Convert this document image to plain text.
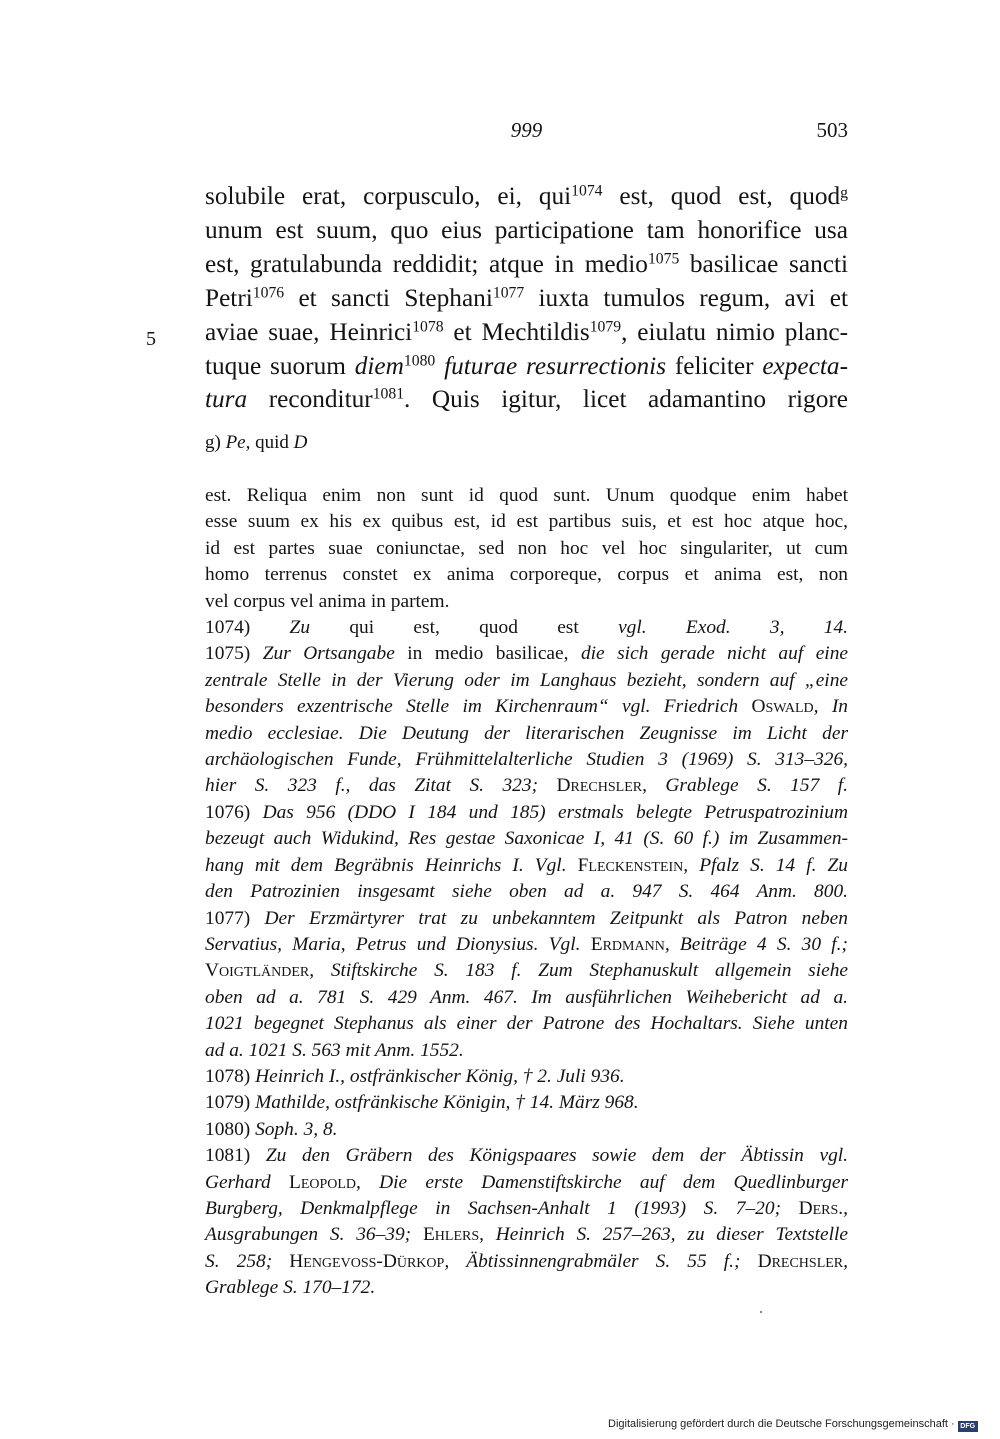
999	503
5
solubile erat, corpusculo, ei, qui$^{1074}$ est, quod est, quod$^g$
unum est suum, quo eius participatione tam honorifice usa
est, gratulabunda reddidit; atque in medio$^{1075}$ basilicae sancti
Petri$^{1076}$ et sancti Stephani$^{1077}$ iuxta tumulos regum, avi et
aviae suae, Heinrici$^{1078}$ et Mechtildis$^{1079}$, eiulatu nimio planc-
tuque suorum diem$^{1080}$ futurae resurrectionis feliciter expecta-
tura reconditur$^{1081}$. Quis igitur, licet adamantino rigore
g) Pe, quid D
est. Reliqua enim non sunt id quod sunt. Unum quodque enim habet
esse suum ex his ex quibus est, id est partibus suis, et est hoc atque hoc,
id est partes suae coniunctae, sed non hoc vel hoc singulariter, ut cum
homo terrenus constet ex anima corporeque, corpus et anima est, non
vel corpus vel anima in partem.
1074) Zu qui est, quod est vgl. Exod. 3, 14.
1075) Zur Ortsangabe in medio basilicae, die sich gerade nicht auf eine
zentrale Stelle in der Vierung oder im Langhaus bezieht, sondern auf „eine
besonders exzentrische Stelle im Kirchenraum“ vgl. Friedrich Oswald, In
medio ecclesiae. Die Deutung der literarischen Zeugnisse im Licht der
archäologischen Funde, Frühmittelalterliche Studien 3 (1969) S. 313–326,
hier S. 323 f., das Zitat S. 323; Drechsler, Grablege S. 157 f.
1076) Das 956 (DDO I 184 und 185) erstmals belegte Petruspatrozinium
bezeugt auch Widukind, Res gestae Saxonicae I, 41 (S. 60 f.) im Zusammen-
hang mit dem Begräbnis Heinrichs I. Vgl. Fleckenstein, Pfalz S. 14 f. Zu
den Patrozinien insgesamt siehe oben ad a. 947 S. 464 Anm. 800.
1077) Der Erzmärtyrer trat zu unbekanntem Zeitpunkt als Patron neben
Servatius, Maria, Petrus und Dionysius. Vgl. Erdmann, Beiträge 4 S. 30 f.;
Voigtländer, Stiftskirche S. 183 f. Zum Stephanuskult allgemein siehe
oben ad a. 781 S. 429 Anm. 467. Im ausführlichen Weihebericht ad a.
1021 begegnet Stephanus als einer der Patrone des Hochaltars. Siehe unten
ad a. 1021 S. 563 mit Anm. 1552.
1078) Heinrich I., ostfränkischer König, † 2. Juli 936.
1079) Mathilde, ostfränkische Königin, † 14. März 968.
1080) Soph. 3, 8.
1081) Zu den Gräbern des Königspaares sowie dem der Äbtissin vgl.
Gerhard Leopold, Die erste Damenstiftskirche auf dem Quedlinburger
Burgberg, Denkmalpflege in Sachsen-Anhalt 1 (1993) S. 7–20; Ders.,
Ausgrabungen S. 36–39; Ehlers, Heinrich S. 257–263, zu dieser Textstelle
S. 258; Hengevoss-Dürkop, Äbtissinnengrabmäler S. 55 f.; Drechsler,
Grablege S. 170–172.
Digitalisierung gefördert durch die Deutsche Forschungsgemeinschaft · DFG
